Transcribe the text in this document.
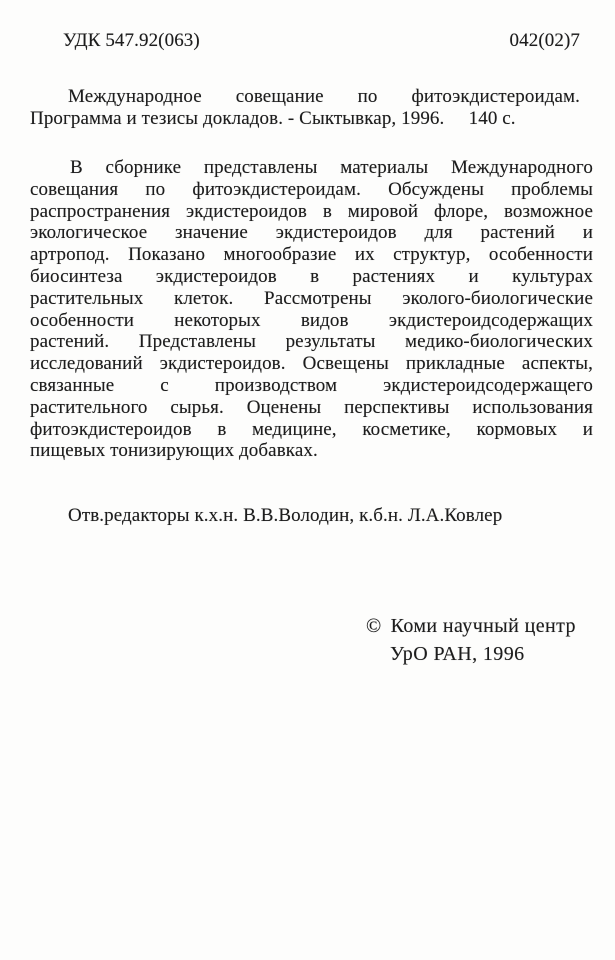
УДК 547.92(063)	042(02)7
Международное совещание по фитоэкдистероидам.
Программа и тезисы докладов. - Сыктывкар, 1996.     140 с.
В сборнике представлены материалы Международного
совещания по фитоэкдистероидам. Обсуждены проблемы
распространения экдистероидов в мировой флоре, возможное
экологическое значение экдистероидов для растений и
артропод. Показано многообразие их структур, особенности
биосинтеза экдистероидов в растениях и культурах
растительных клеток. Рассмотрены эколого-биологические
особенности некоторых видов экдистероидсодержащих
растений. Представлены результаты медико-биологических
исследований экдистероидов. Освещены прикладные аспекты,
связанные с производством экдистероидсодержащего
растительного сырья. Оценены перспективы использования
фитоэкдистероидов в медицине, косметике, кормовых и
пищевых тонизирующих добавках.
Отв.редакторы к.х.н. В.В.Володин, к.б.н. Л.А.Ковлер
© Коми научный центр
УрО РАН, 1996
